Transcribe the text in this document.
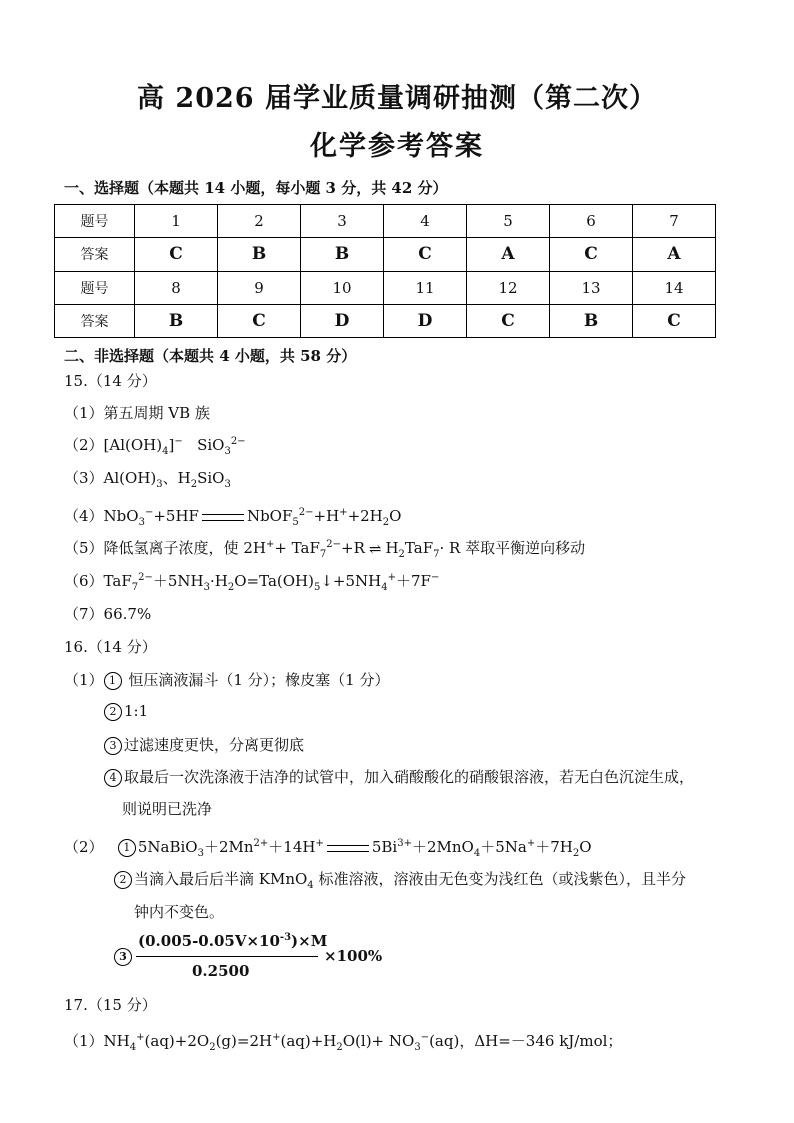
高 2026 届学业质量调研抽测（第二次）
化学参考答案
一、选择题（本题共 14 小题，每小题 3 分，共 42 分）
题号	1	2	3	4	5	6	7
答案	C	B	B	C	A	C	A
题号	8	9	10	11	12	13	14
答案	B	C	D	D	C	B	C
二、非选择题（本题共 4 小题，共 58 分）
15.（14 分）
（1）第五周期 VB 族
$(2)[Al(OH)_4]^-$ SiO$_3^{2-}$
$(3)Al(OH)_3$、$H_2SiO_3$
（4）NbO$_3$−+5HF	$NbOF_5^{2-}+H^++2H_2O$
（5）降低氢离子浓度，使 2H++ TaF$_7^{2-}$+R ⇌ $H_2TaF_7\cdot R$ 萃取平衡逆向移动
$(6)TaF_7^{2-}+5NH_3\cdot H_2O=Ta(OH)_5↓+5NH_4^++7F^-$
（7）66.7%
16.（14 分）
（1） 1 恒压滴液漏斗（1 分）；橡皮塞（1 分）
2 1:1
3 过滤速度更快，分离更彻底
4 取最后一次洗涤液于洁净的试管中，加入硝酸酸化的硝酸银溶液，若无白色沉淀生成，
则说明已洗净
（2） 1 $5NaBiO_3+2Mn^{2+}+14H^+$	$5Bi^{3+}+2MnO_4+5Na^++7H_2O$
2 当滴入最后后半滴 KMnO$_4$ 标准溶液，溶液由无色变为浅红色（或浅紫色），且半分
钟内不变色。
3
$(0.005-0.05V\times 10^{-3})\times M$
0.2500
×100%
17.（15 分）
$(1)NH_4^+(aq)+2O_2(g)=2H^+(aq)+H_2O(l)+ NO_3^-(aq)$，ΔH=－346 kJ/mol；
